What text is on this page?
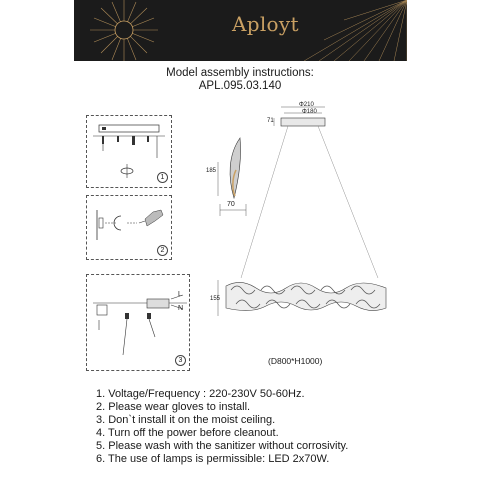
Aployt
Model assembly instructions:
APL.095.03.140
1
2
3
L
N
Φ210
Φ180
71
185
70
155
(D800*H1000)
1. Voltage/Frequency : 220-230V 50-60Hz.
2. Please wear gloves to install.
3. Don`t install it on the moist ceiling.
4. Turn off the power before cleanout.
5. Please wash with the sanitizer without corrosivity.
6. The use of lamps is permissible: LED 2x70W.
